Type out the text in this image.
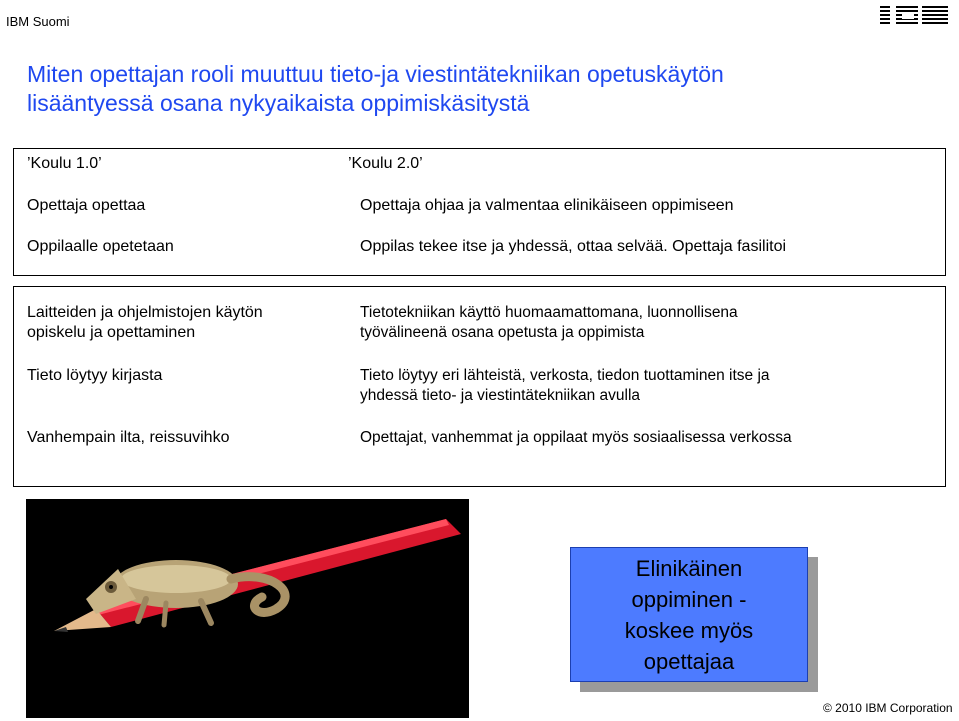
IBM Suomi
Miten opettajan rooli muuttuu tieto-ja viestintätekniikan opetuskäytön
lisääntyessä osana nykyaikaista oppimiskäsitystä
’Koulu 1.0’
Opettaja opettaa
Oppilaalle opetetaan
’Koulu 2.0’
Opettaja ohjaa ja valmentaa elinikäiseen oppimiseen
Oppilas tekee itse ja yhdessä, ottaa selvää. Opettaja fasilitoi
Laitteiden ja ohjelmistojen käytön
opiskelu ja opettaminen
Tieto löytyy kirjasta
Vanhempain ilta, reissuvihko
Tietotekniikan käyttö huomaamattomana, luonnollisena
työvälineenä osana opetusta ja oppimista
Tieto löytyy eri lähteistä, verkosta, tiedon tuottaminen itse ja
yhdessä tieto- ja viestintätekniikan avulla
Opettajat, vanhemmat ja oppilaat myös sosiaalisessa verkossa
Elinikäinen
oppiminen -
koskee myös
opettajaa
© 2010 IBM Corporation
